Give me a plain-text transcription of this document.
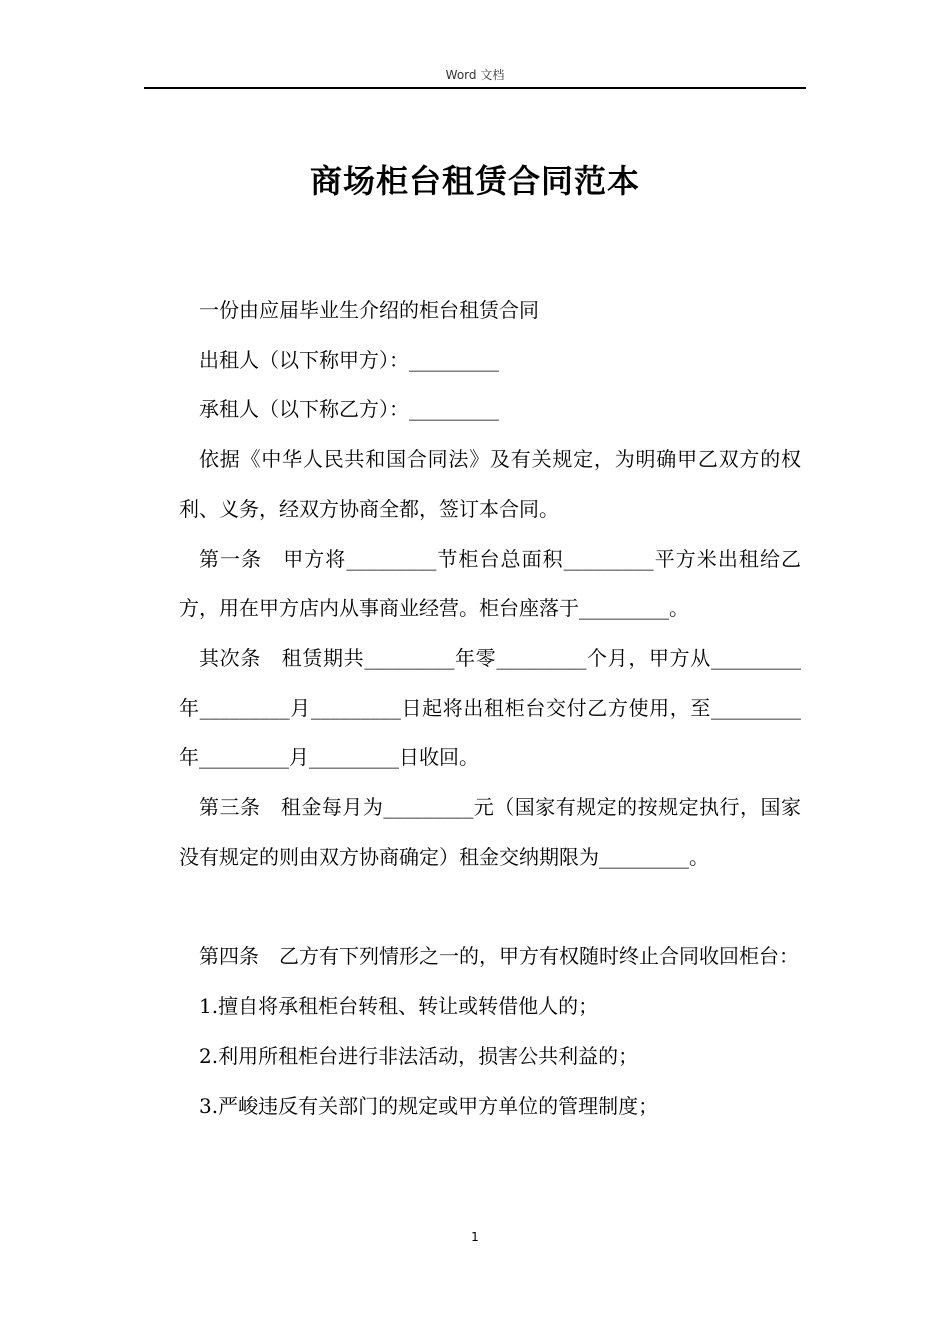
Word 文档
商场柜台租赁合同范本

一份由应届毕业生介绍的柜台租赁合同

出租人（以下称甲方）：_________

承租人（以下称乙方）：_________

依据《中华人民共和国合同法》及有关规定，为明确甲乙双方的权利、义务，经双方协商全都，签订本合同。

第一条　甲方将_________节柜台总面积_________平方米出租给乙方，用在甲方店内从事商业经营。柜台座落于_________。

其次条　租赁期共_________年零_________个月，甲方从_________年_________月_________日起将出租柜台交付乙方使用，至_________年_________月_________日收回。

第三条　租金每月为_________元（国家有规定的按规定执行，国家没有规定的则由双方协商确定）租金交纳期限为_________。

第四条　乙方有下列情形之一的，甲方有权随时终止合同收回柜台：

1.擅自将承租柜台转租、转让或转借他人的；

2.利用所租柜台进行非法活动，损害公共利益的；

3.严峻违反有关部门的规定或甲方单位的管理制度；

1
